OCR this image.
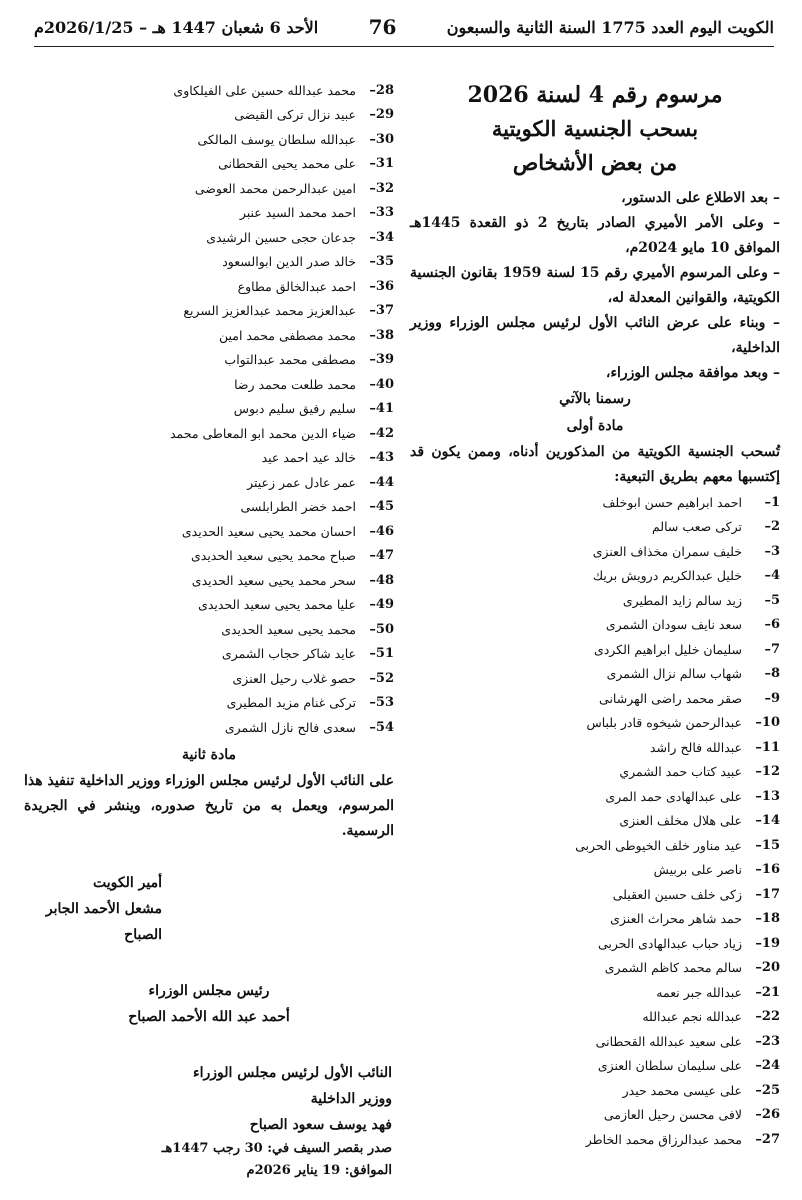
الكويت اليوم العدد 1775 السنة الثانية والسبعون
76
الأحد 6 شعبان 1447 هـ – 2026/1/25م

مرسوم رقم 4 لسنة 2026

بسحب الجنسية الكويتية

من بعض الأشخاص

– بعد الاطلاع على الدستور،

– وعلى الأمر الأميري الصادر بتاريخ 2 ذو القعدة 1445هـ الموافق 10 مايو 2024م،

– وعلى المرسوم الأميري رقم 15 لسنة 1959 بقانون الجنسية الكويتية، والقوانين المعدلة له،

– وبناء على عرض النائب الأول لرئيس مجلس الوزراء ووزير الداخلية،

– وبعد موافقة مجلس الوزراء،

رسمنا بالآتي

مادة أولى

تُسحب الجنسية الكويتية من المذكورين أدناه، وممن يكون قد إكتسبها معهم بطريق التبعية:

1–
احمد ابراهيم حسن ابوخلف
2–
تركى صعب سالم
3–
خليف سمران مخذاف العنزى
4–
خليل عبدالكريم درويش بريك
5–
زيد سالم زايد المطيرى
6–
سعد نايف سودان الشمرى
7–
سليمان خليل ابراهيم الكردى
8–
شهاب سالم نزال الشمرى
9–
صقر محمد راضى الهرشانى
10–
عبدالرحمن شيخوه قادر بلباس
11–
عبدالله فالح راشد
12–
عبيد كتاب حمد الشمري
13–
على عبدالهادى حمد المرى
14–
على هلال مخلف العنزى
15–
عيد مناور خلف الخيوطى الحربى
16–
ناصر على بربيش
17–
زكى خلف حسين العقيلى
18–
حمد شاهر محراث العنزى
19–
زياد حباب عبدالهادى الحربى
20–
سالم محمد كاظم الشمرى
21–
عبدالله جبر نعمه
22–
عبدالله نجم عبدالله
23–
على سعيد عبدالله القحطانى
24–
على سليمان سلطان العنزى
25–
على عيسى محمد حيدر
26–
لافى محسن رحيل العازمى
27–
محمد عبدالرزاق محمد الخاطر
28–
محمد عبدالله حسين على الفيلكاوى
29–
عبيد نزال تركى القيضى
30–
عبدالله سلطان يوسف المالكى
31–
على محمد يحيى القحطانى
32–
امين عبدالرحمن محمد العوضى
33–
احمد محمد السيد عنبر
34–
جدعان حجى حسين الرشيدى
35–
خالد صدر الدين ابوالسعود
36–
احمد عبدالخالق مطاوع
37–
عبدالعزيز محمد عبدالعزيز السريع
38–
محمد مصطفى محمد امين
39–
مصطفى محمد عبدالتواب
40–
محمد طلعت محمد رضا
41–
سليم رفيق سليم دبوس
42–
ضياء الدين محمد ابو المعاطى محمد
43–
خالد عيد احمد عيد
44–
عمر عادل عمر زعيتر
45–
احمد خضر الطرابلسى
46–
احسان محمد يحيى سعيد الحديدى
47–
صباح محمد يحيى سعيد الحديدى
48–
سحر محمد يحيى سعيد الحديدى
49–
عليا محمد يحيى سعيد الحديدى
50–
محمد يحيى سعيد الحديدى
51–
عايد شاكر حجاب الشمرى
52–
حصو غلاب رحيل العنزى
53–
تركى غنام مزيد المطيرى
54–
سعدى فالح نازل الشمرى

مادة ثانية

على النائب الأول لرئيس مجلس الوزراء ووزير الداخلية تنفيذ هذا المرسوم، ويعمل به من تاريخ صدوره، وينشر في الجريدة الرسمية.

أمير الكويت

مشعل الأحمد الجابر الصباح

رئيس مجلس الوزراء

أحمد عبد الله الأحمد الصباح

النائب الأول لرئيس مجلس الوزراء

ووزير الداخلية

فهد يوسف سعود الصباح

صدر بقصر السيف في: 30 رجب 1447هـ

الموافق: 19 يناير 2026م
